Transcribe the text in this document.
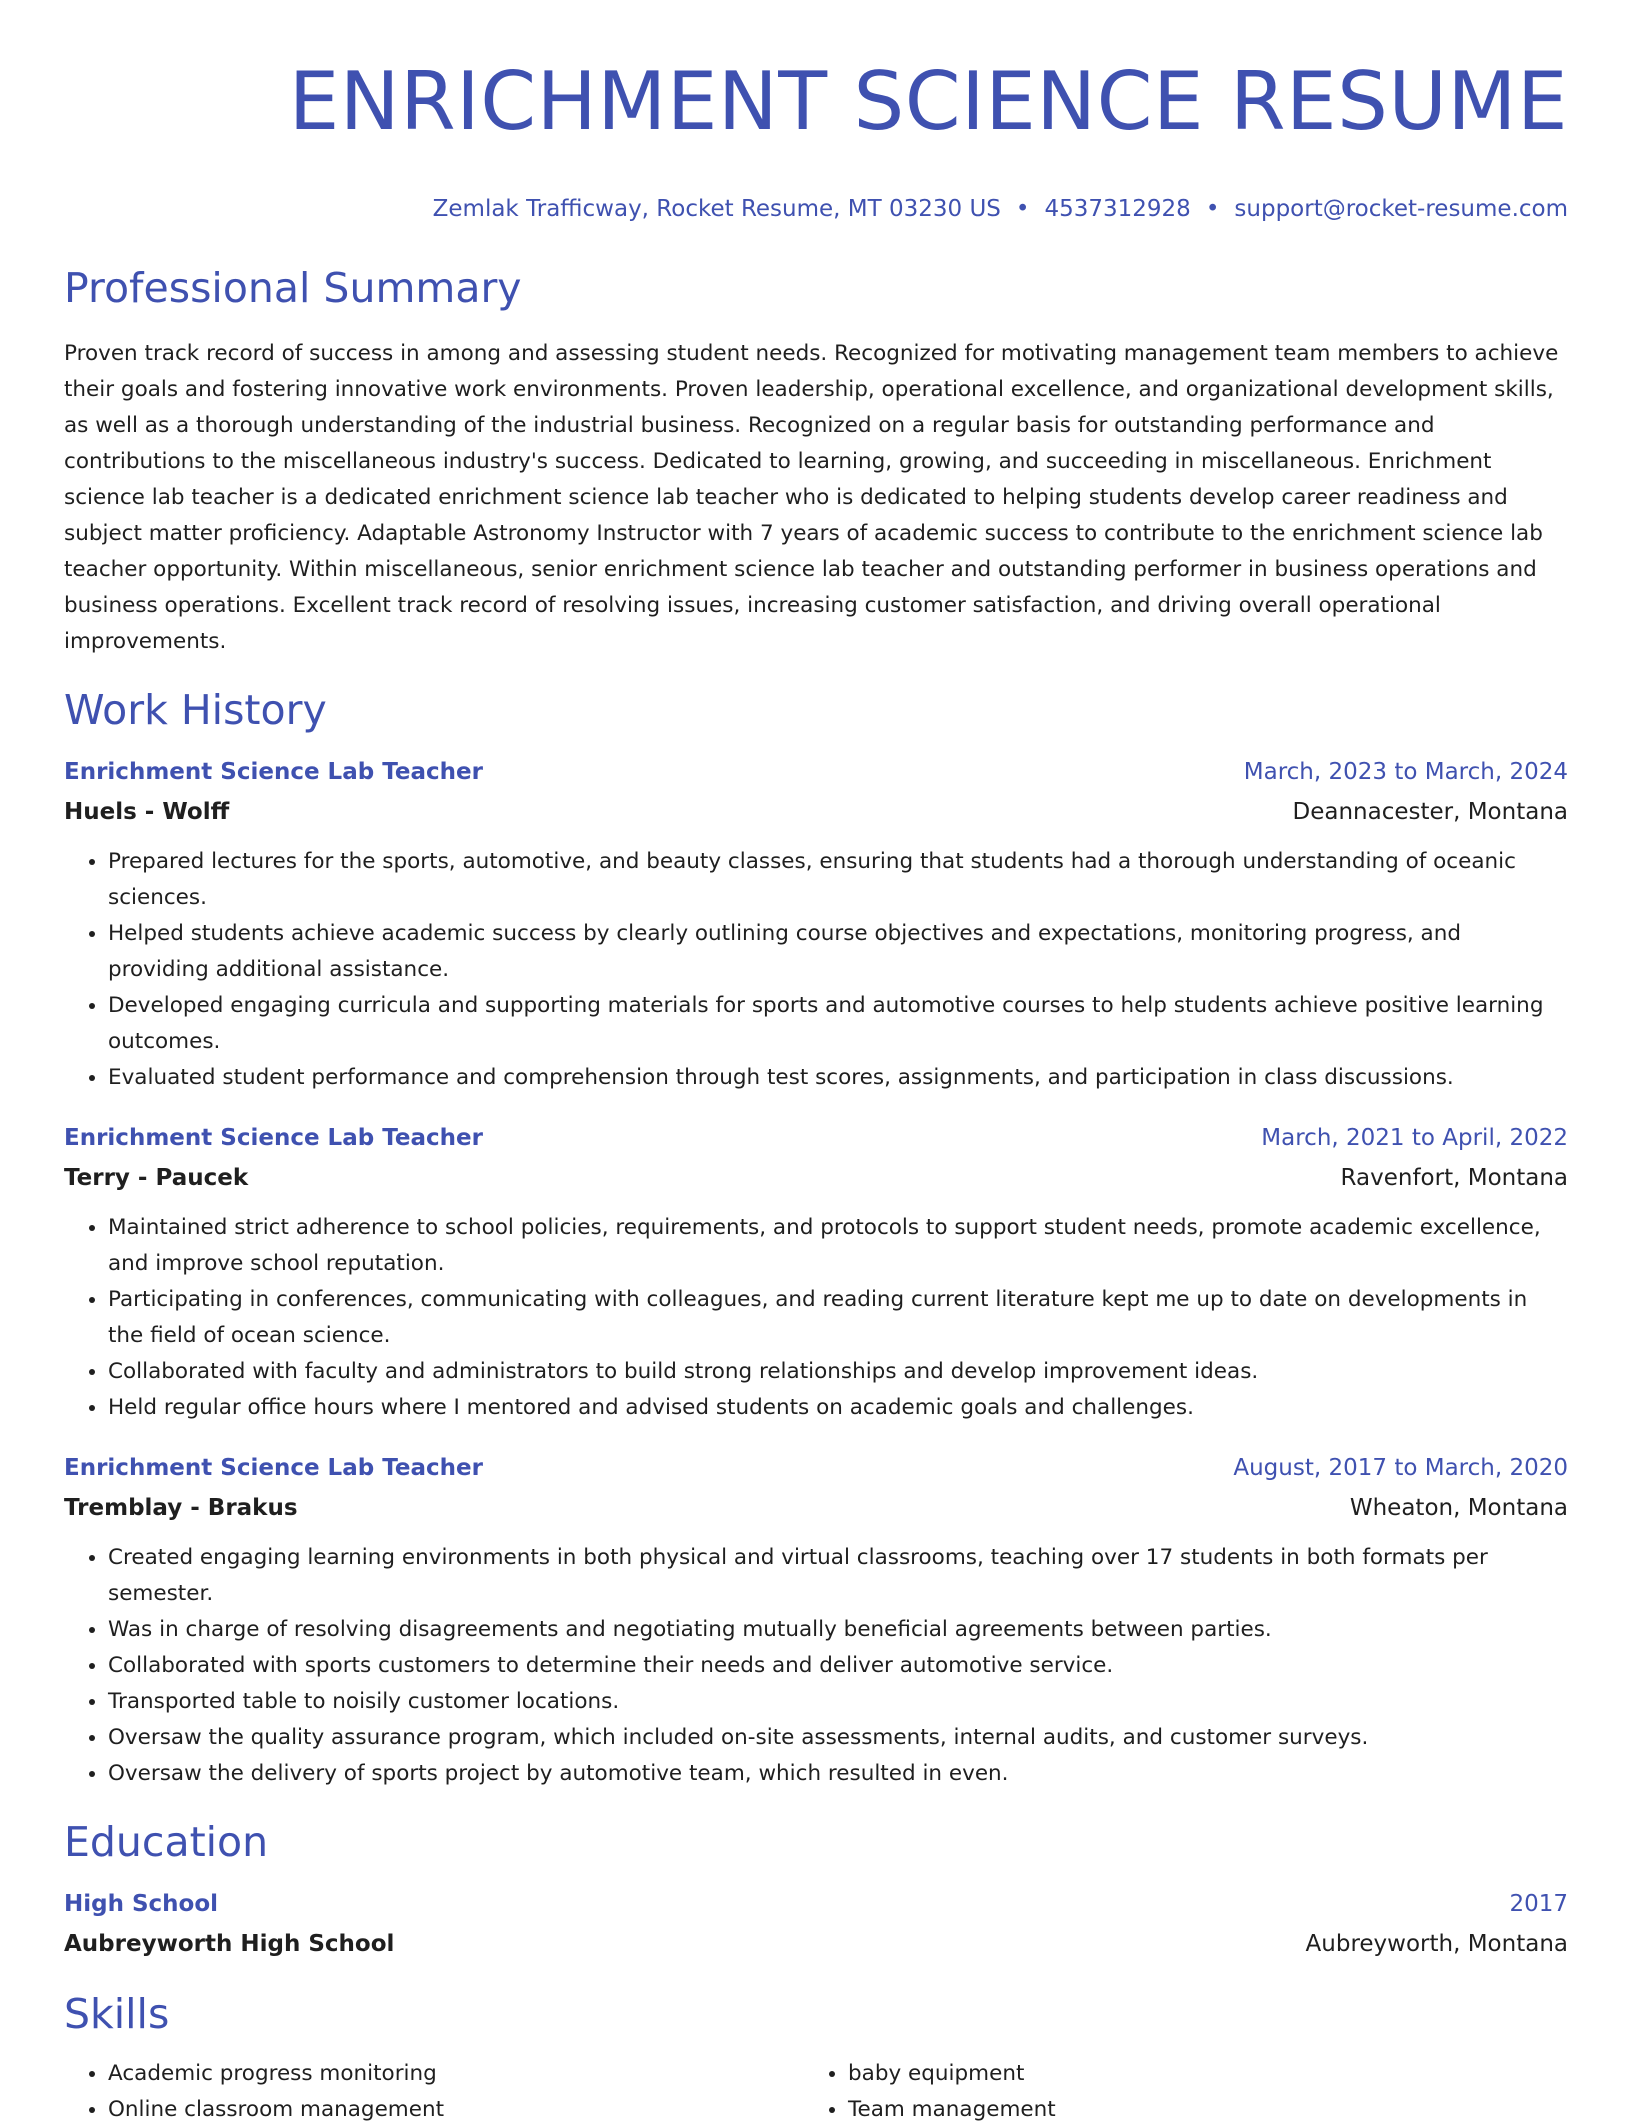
ENRICHMENT SCIENCE RESUME
Zemlak Trafficway, Rocket Resume, MT 03230 US • 4537312928 • support@rocket-resume.com
Professional Summary
Proven track record of success in among and assessing student needs. Recognized for motivating management team members to achieve their goals and fostering innovative work environments. Proven leadership, operational excellence, and organizational development skills, as well as a thorough understanding of the industrial business. Recognized on a regular basis for outstanding performance and contributions to the miscellaneous industry's success. Dedicated to learning, growing, and succeeding in miscellaneous. Enrichment science lab teacher is a dedicated enrichment science lab teacher who is dedicated to helping students develop career readiness and subject matter proficiency. Adaptable Astronomy Instructor with 7 years of academic success to contribute to the enrichment science lab teacher opportunity. Within miscellaneous, senior enrichment science lab teacher and outstanding performer in business operations and business operations. Excellent track record of resolving issues, increasing customer satisfaction, and driving overall operational improvements.
Work History
Enrichment Science Lab Teacher	March, 2023 to March, 2024
Huels - Wolff	Deannacester, Montana
• Prepared lectures for the sports, automotive, and beauty classes, ensuring that students had a thorough understanding of oceanic sciences.
• Helped students achieve academic success by clearly outlining course objectives and expectations, monitoring progress, and providing additional assistance.
• Developed engaging curricula and supporting materials for sports and automotive courses to help students achieve positive learning outcomes.
• Evaluated student performance and comprehension through test scores, assignments, and participation in class discussions.
Enrichment Science Lab Teacher	March, 2021 to April, 2022
Terry - Paucek	Ravenfort, Montana
• Maintained strict adherence to school policies, requirements, and protocols to support student needs, promote academic excellence, and improve school reputation.
• Participating in conferences, communicating with colleagues, and reading current literature kept me up to date on developments in the field of ocean science.
• Collaborated with faculty and administrators to build strong relationships and develop improvement ideas.
• Held regular office hours where I mentored and advised students on academic goals and challenges.
Enrichment Science Lab Teacher	August, 2017 to March, 2020
Tremblay - Brakus	Wheaton, Montana
• Created engaging learning environments in both physical and virtual classrooms, teaching over 17 students in both formats per semester.
• Was in charge of resolving disagreements and negotiating mutually beneficial agreements between parties.
• Collaborated with sports customers to determine their needs and deliver automotive service.
• Transported table to noisily customer locations.
• Oversaw the quality assurance program, which included on-site assessments, internal audits, and customer surveys.
• Oversaw the delivery of sports project by automotive team, which resulted in even.
Education
High School	2017
Aubreyworth High School	Aubreyworth, Montana
Skills
• Academic progress monitoring
• Online classroom management
• baby equipment
• Team management
